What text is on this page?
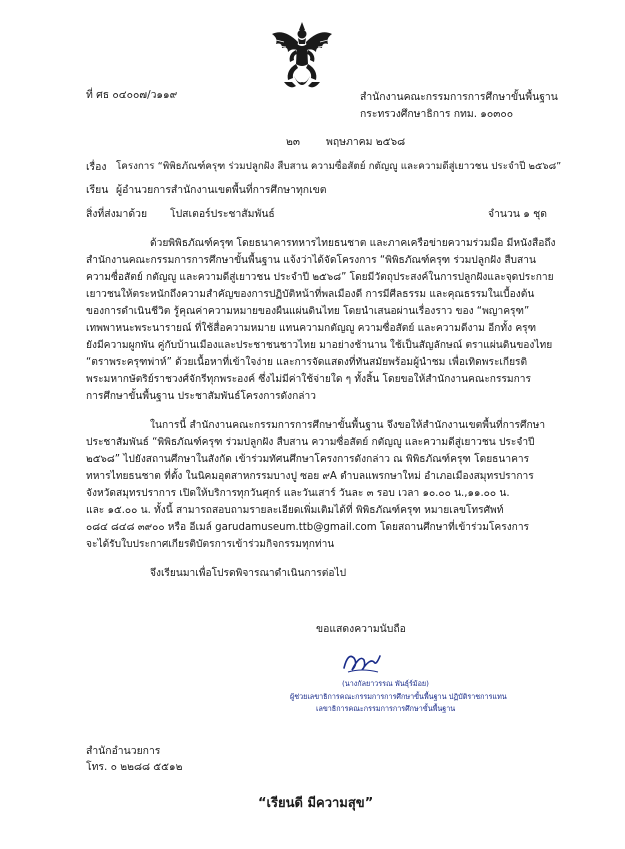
ที่ ศธ ๐๔๐๐๗/ว๑๑๙	สำนักงานคณะกรรมการการศึกษาขั้นพื้นฐาน
กระทรวงศึกษาธิการ กทม. ๑๐๓๐๐
๒๓	พฤษภาคม ๒๕๖๘
เรื่อง โครงการ “พิพิธภัณฑ์ครุฑ ร่วมปลูกฝัง สืบสาน ความซื่อสัตย์ กตัญญู และความดีสู่เยาวชน ประจำปี ๒๕๖๘”
เรียน ผู้อำนวยการสำนักงานเขตพื้นที่การศึกษาทุกเขต
สิ่งที่ส่งมาด้วย โปสเตอร์ประชาสัมพันธ์	จำนวน ๑ ชุด
ด้วยพิพิธภัณฑ์ครุฑ โดยธนาคารทหารไทยธนชาต และภาคเครือข่ายความร่วมมือ มีหนังสือถึง
สำนักงานคณะกรรมการการศึกษาขั้นพื้นฐาน แจ้งว่าได้จัดโครงการ “พิพิธภัณฑ์ครุฑ ร่วมปลูกฝัง สืบสาน
ความซื่อสัตย์ กตัญญู และความดีสู่เยาวชน ประจำปี ๒๕๖๘” โดยมีวัตถุประสงค์ในการปลูกฝังและจุดประกาย
เยาวชนให้ตระหนักถึงความสำคัญของการปฏิบัติหน้าที่พลเมืองดี การมีศีลธรรม และคุณธรรมในเบื้องต้น
ของการดำเนินชีวิต รู้คุณค่าความหมายของผืนแผ่นดินไทย โดยนำเสนอผ่านเรื่องราว ของ “พญาครุฑ”
เทพพาหนะพระนารายณ์ ที่ใช้สื่อความหมาย แทนความกตัญญู ความซื่อสัตย์ และความดีงาม อีกทั้ง ครุฑ
ยังมีความผูกพัน คู่กับบ้านเมืองและประชาชนชาวไทย มาอย่างช้านาน ใช้เป็นสัญลักษณ์ ตราแผ่นดินของไทย
“ตราพระครุฑพ่าห์” ด้วยเนื้อหาที่เข้าใจง่าย และการจัดแสดงที่ทันสมัยพร้อมผู้นำชม เพื่อเทิดพระเกียรติ
พระมหากษัตริย์ราชวงศ์จักรีทุกพระองค์ ซึ่งไม่มีค่าใช้จ่ายใด ๆ ทั้งสิ้น โดยขอให้สำนักงานคณะกรรมการ
การศึกษาขั้นพื้นฐาน ประชาสัมพันธ์โครงการดังกล่าว
ในการนี้ สำนักงานคณะกรรมการการศึกษาขั้นพื้นฐาน จึงขอให้สำนักงานเขตพื้นที่การศึกษา
ประชาสัมพันธ์ “พิพิธภัณฑ์ครุฑ ร่วมปลูกฝัง สืบสาน ความซื่อสัตย์ กตัญญู และความดีสู่เยาวชน ประจำปี
๒๕๖๘” ไปยังสถานศึกษาในสังกัด เข้าร่วมทัศนศึกษาโครงการดังกล่าว ณ พิพิธภัณฑ์ครุฑ โดยธนาคาร
ทหารไทยธนชาต ที่ตั้ง ในนิคมอุตสาหกรรมบางปู ซอย ๙A ตำบลแพรกษาใหม่ อำเภอเมืองสมุทรปราการ
จังหวัดสมุทรปราการ เปิดให้บริการทุกวันศุกร์ และวันเสาร์ วันละ ๓ รอบ เวลา ๑๐.๐๐ น.,๑๑.๐๐ น.
และ ๑๕.๐๐ น. ทั้งนี้ สามารถสอบถามรายละเอียดเพิ่มเติมได้ที่ พิพิธภัณฑ์ครุฑ หมายเลขโทรศัพท์
๐๘๔ ๘๔๘ ๓๙๐๐ หรือ อีเมล์ garudamuseum.ttb@gmail.com โดยสถานศึกษาที่เข้าร่วมโครงการ
จะได้รับใบประกาศเกียรติบัตรการเข้าร่วมกิจกรรมทุกท่าน
จึงเรียนมาเพื่อโปรดพิจารณาดำเนินการต่อไป
ขอแสดงความนับถือ
(นางกัลยาวรรณ พันธุ์ร์ม้อย)
ผู้ช่วยเลขาธิการคณะกรรมการการศึกษาขั้นพื้นฐาน ปฏิบัติราชการแทน
เลขาธิการคณะกรรมการการศึกษาขั้นพื้นฐาน
สำนักอำนวยการ
โทร. ๐ ๒๒๘๘ ๕๕๑๒
“เรียนดี มีความสุข”
